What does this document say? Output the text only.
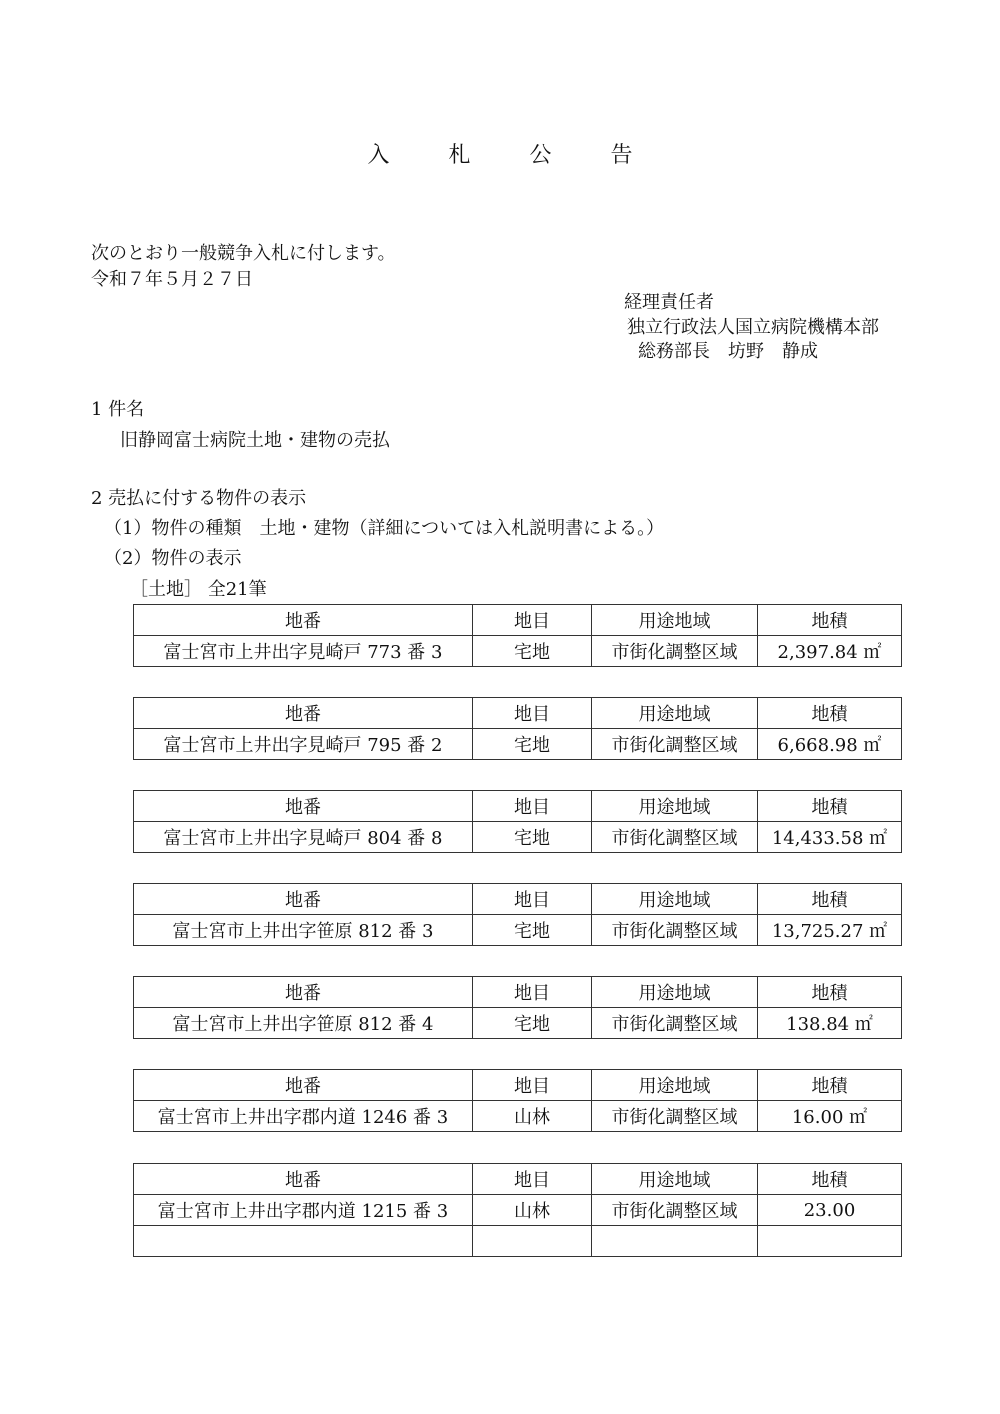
入 札 公 告
次のとおり一般競争入札に付します。
令和７年５月２７日
経理責任者
独立行政法人国立病院機構本部
総務部長　坊野　静成
1 件名
旧静岡富士病院土地・建物の売払
2 売払に付する物件の表示
（1）物件の種類　土地・建物（詳細については入札説明書による。）
（2）物件の表示
［土地］ 全21筆
地番	地目	用途地域	地積
富士宮市上井出字見崎戸 773 番 3	宅地	市街化調整区域	2,397.84 ㎡
地番	地目	用途地域	地積
富士宮市上井出字見崎戸 795 番 2	宅地	市街化調整区域	6,668.98 ㎡
地番	地目	用途地域	地積
富士宮市上井出字見崎戸 804 番 8	宅地	市街化調整区域	14,433.58 ㎡
地番	地目	用途地域	地積
富士宮市上井出字笹原 812 番 3	宅地	市街化調整区域	13,725.27 ㎡
地番	地目	用途地域	地積
富士宮市上井出字笹原 812 番 4	宅地	市街化調整区域	138.84 ㎡
地番	地目	用途地域	地積
富士宮市上井出字郡内道 1246 番 3	山林	市街化調整区域	16.00 ㎡
地番	地目	用途地域	地積
富士宮市上井出字郡内道 1215 番 3	山林	市街化調整区域	23.00
